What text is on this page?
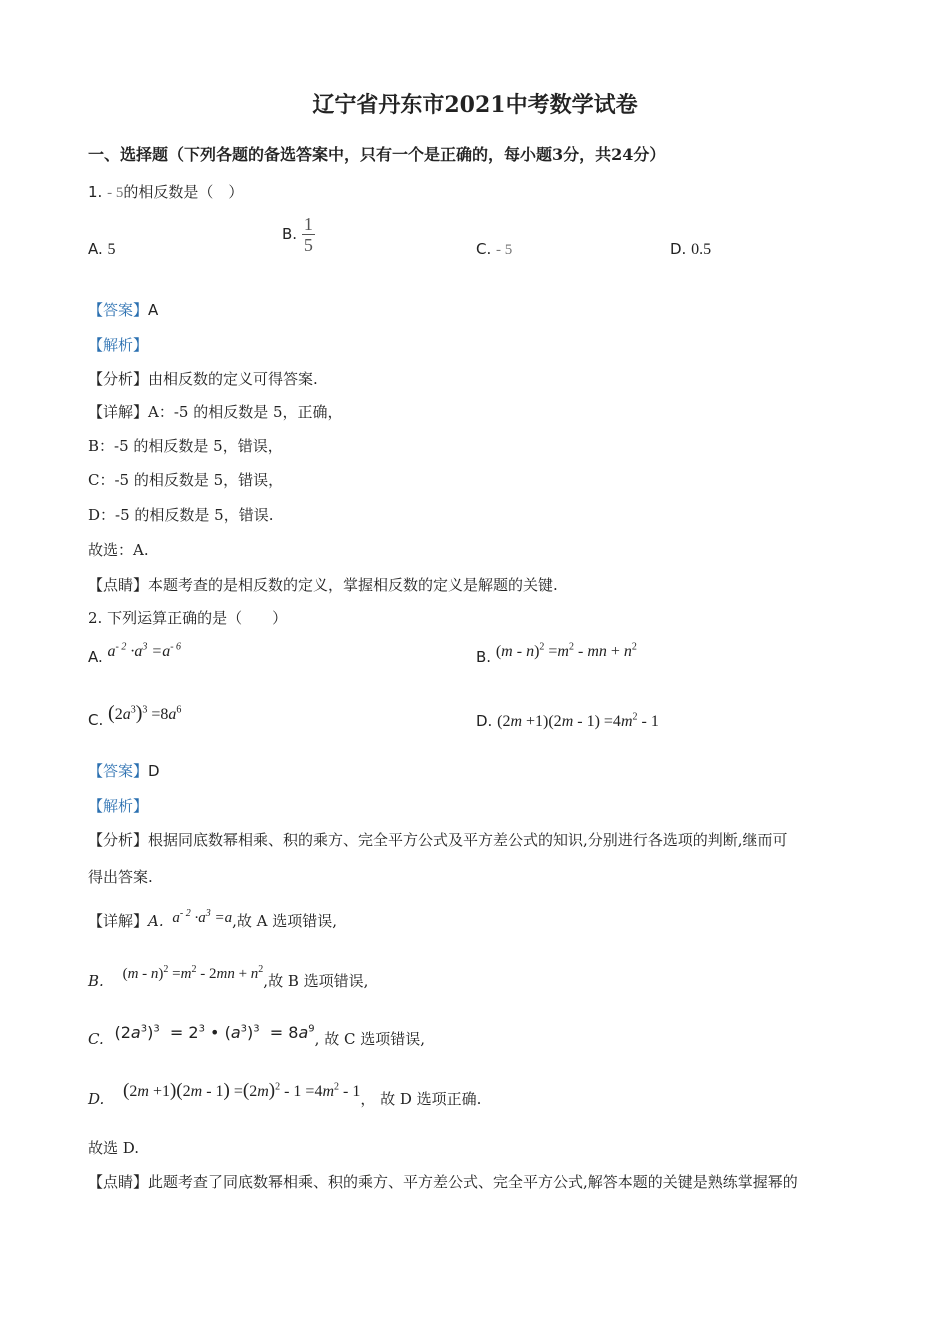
辽宁省丹东市2021中考数学试卷
一、选择题（下列各题的备选答案中，只有一个是正确的，每小题3分，共24分）
1. - 5的相反数是（　）
A. 5
B. $\frac{1}{5}$	C. - 5	D. 0.5
【答案】A
【解析】
【分析】由相反数的定义可得答案.
【详解】A：-5 的相反数是 5，正确，
B：-5 的相反数是 5，错误，
C：-5 的相反数是 5，错误，
D：-5 的相反数是 5，错误.
故选：A.
【点睛】本题考查的是相反数的定义，掌握相反数的定义是解题的关键.
2. 下列运算正确的是（　　）
A. $a^{- 2} \cdot a^3 =a^{- 6}$
B. $(m - n)^2 =m^2$ - mn + $n^2$
C. $(2a^3)^3 =8a^6$
D. $(2m +1)(2m - 1) =4m^2 - 1$
【答案】D
【解析】
【分析】根据同底数幂相乘、积的乘方、完全平方公式及平方差公式的知识,分别进行各选项的判断,继而可
得出答案.
【详解】A. $a^{- 2} \cdot a^3 =a$,故 A 选项错误,
B. $(m - n)^2 =m^2 - 2mn + n^2$,故 B 选项错误,
C. $(2a^3)^3 = 2^3$ • $(a^3)^3 = 8a^9$, 故 C 选项错误,
D. $(2m +1)(2m - 1) =(2m)^2 - 1 =4m^2 - 1$， 故 D 选项正确.
故选 D.
【点睛】此题考查了同底数幂相乘、积的乘方、平方差公式、完全平方公式,解答本题的关键是熟练掌握幂的
